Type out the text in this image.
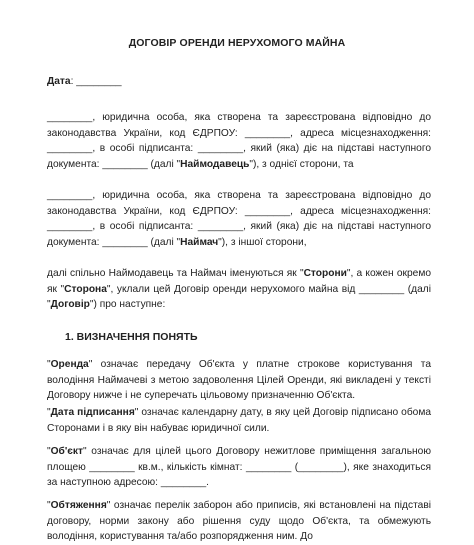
ДОГОВІР ОРЕНДИ НЕРУХОМОГО МАЙНА

Дата: ________

________, юридична особа, яка створена та зареєстрована відповідно до законодавства України, код ЄДРПОУ: ________, адреса місцезнаходження: ________, в особі підписанта: ________, який (яка) діє на підставі наступного документа: ________ (далі "Наймодавець"), з однієї сторони, та

________, юридична особа, яка створена та зареєстрована відповідно до законодавства України, код ЄДРПОУ: ________, адреса місцезнаходження: ________, в особі підписанта: ________, який (яка) діє на підставі наступного документа: ________ (далі "Наймач"), з іншої сторони,

далі спільно Наймодавець та Наймач іменуються як "Сторони", а кожен окремо як "Сторона", уклали цей Договір оренди нерухомого майна від ________ (далі "Договір") про наступне:

1. ВИЗНАЧЕННЯ ПОНЯТЬ

"Оренда" означає передачу Об'єкта у платне строкове користування та володіння Наймачеві з метою задоволення Цілей Оренди, які викладені у тексті Договору нижче і не суперечать цільовому призначенню Об'єкта.

"Дата підписання" означає календарну дату, в яку цей Договір підписано обома Сторонами і в яку він набуває юридичної сили.

"Об'єкт" означає для цілей цього Договору нежитлове приміщення загальною площею ________ кв.м., кількість кімнат: ________ (________), яке знаходиться за наступною адресою: ________.

"Обтяження" означає перелік заборон або приписів, які встановлені на підставі договору, норми закону або рішення суду щодо Об'єкта, та обмежують володіння, користування та/або розпорядження ним. До
